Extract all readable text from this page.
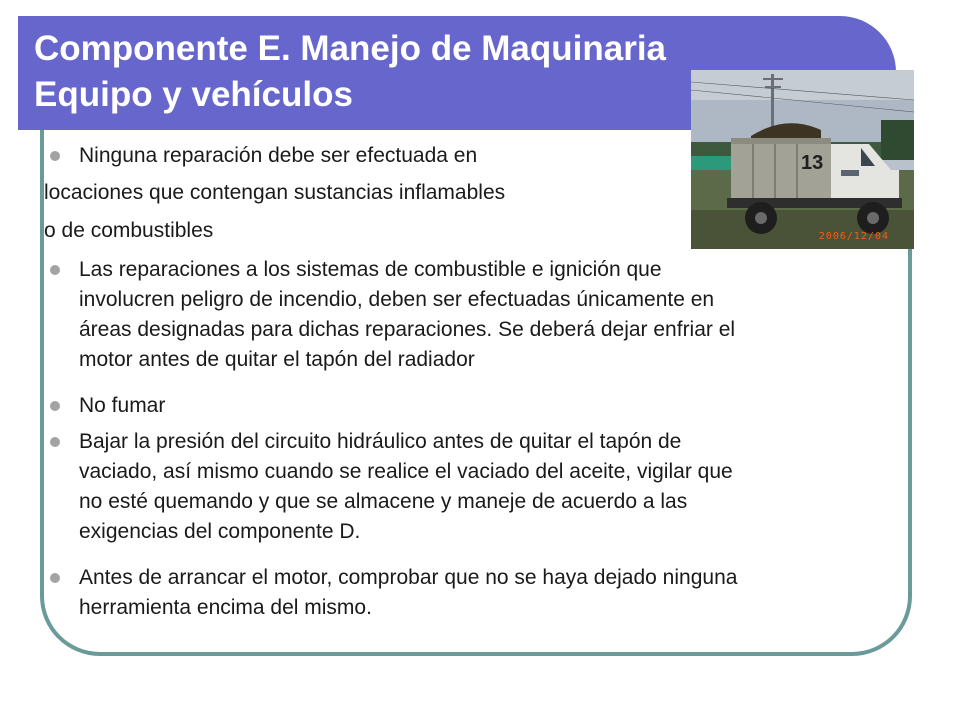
Componente E. Manejo de Maquinaria
Equipo y vehículos
13
2006/12/04
Ninguna reparación debe ser efectuada en
locaciones que contengan sustancias inflamables
o de combustibles
Las reparaciones a los sistemas de combustible e ignición que
involucren peligro de incendio, deben ser efectuadas únicamente en
áreas designadas para dichas reparaciones. Se deberá dejar enfriar el
motor antes de quitar el tapón del radiador
No fumar
Bajar la presión del circuito hidráulico antes de quitar el tapón de
vaciado, así mismo cuando se realice el vaciado del aceite, vigilar que
no esté quemando y que se almacene y maneje de acuerdo a las
exigencias del componente D.
Antes de arrancar el motor, comprobar que no se haya dejado ninguna
herramienta encima del mismo.
